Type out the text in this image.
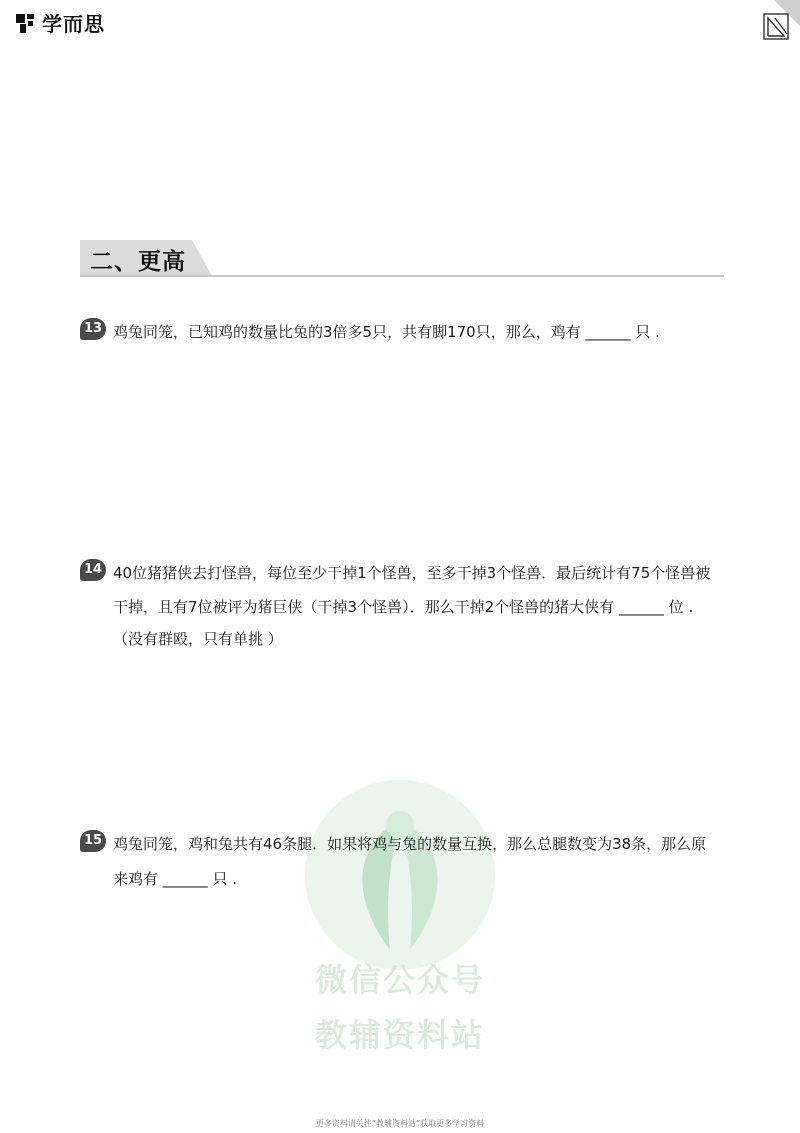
学而思
二、更高
13 鸡兔同笼，已知鸡的数量比兔的3倍多5只，共有脚170只，那么，鸡有 ______ 只 .
14 40位猪猪侠去打怪兽，每位至少干掉1个怪兽，至多干掉3个怪兽．最后统计有75个怪兽被
干掉，且有7位被评为猪巨侠（干掉3个怪兽）．那么干掉2个怪兽的猪大侠有 ______ 位 .
（没有群殴，只有单挑 ）
微信公众号
教辅资料站
15 鸡兔同笼，鸡和兔共有46条腿．如果将鸡与兔的数量互换，那么总腿数变为38条，那么原
来鸡有 ______ 只 .
更多资料请关注“教辅资料站”获取更多学习资料
